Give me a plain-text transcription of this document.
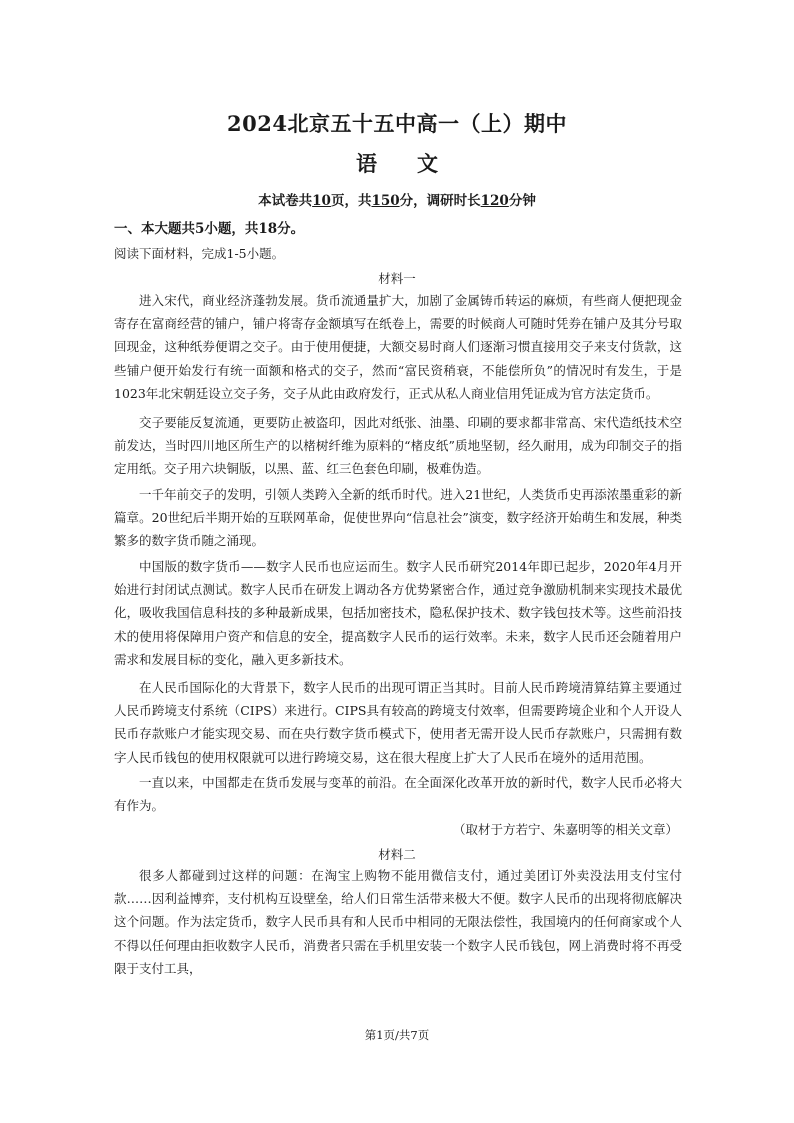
2024北京五十五中高一（上）期中
语 文
本试卷共10页，共150分，调研时长120分钟
一、本大题共5小题，共18分。
阅读下面材料，完成1-5小题。
材料一

进入宋代，商业经济蓬勃发展。货币流通量扩大，加剧了金属铸币转运的麻烦，有些商人便把现金寄存在富商经营的铺户，铺户将寄存金额填写在纸卷上，需要的时候商人可随时凭券在铺户及其分号取回现金，这种纸券便谓之交子。由于使用便捷，大额交易时商人们逐渐习惯直接用交子来支付货款，这些铺户便开始发行有统一面额和格式的交子，然而“富民资稍衰，不能偿所负”的情况时有发生，于是1023年北宋朝廷设立交子务，交子从此由政府发行，正式从私人商业信用凭证成为官方法定货币。

交子要能反复流通，更要防止被盗印，因此对纸张、油墨、印刷的要求都非常高、宋代造纸技术空前发达，当时四川地区所生产的以楮树纤维为原料的“楮皮纸”质地坚韧，经久耐用，成为印制交子的指定用纸。交子用六块铜版，以黑、蓝、红三色套色印刷，极难伪造。

一千年前交子的发明，引领人类跨入全新的纸币时代。进入21世纪，人类货币史再添浓墨重彩的新篇章。20世纪后半期开始的互联网革命，促使世界向“信息社会”演变，数字经济开始萌生和发展，种类繁多的数字货币随之涌现。

中国版的数字货币——数字人民币也应运而生。数字人民币研究2014年即已起步，2020年4月开始进行封闭试点测试。数字人民币在研发上调动各方优势紧密合作，通过竞争激励机制来实现技术最优化，吸收我国信息科技的多种最新成果，包括加密技术，隐私保护技术、数字钱包技术等。这些前沿技术的使用将保障用户资产和信息的安全，提高数字人民币的运行效率。未来，数字人民币还会随着用户需求和发展目标的变化，融入更多新技术。

在人民币国际化的大背景下，数字人民币的出现可谓正当其时。目前人民币跨境清算结算主要通过人民币跨境支付系统（CIPS）来进行。CIPS具有较高的跨境支付效率，但需要跨境企业和个人开设人民币存款账户才能实现交易、而在央行数字货币模式下，使用者无需开设人民币存款账户，只需拥有数字人民币钱包的使用权限就可以进行跨境交易，这在很大程度上扩大了人民币在境外的适用范围。

一直以来，中国都走在货币发展与变革的前沿。在全面深化改革开放的新时代，数字人民币必将大有作为。

（取材于方若宁、朱嘉明等的相关文章）
材料二

很多人都碰到过这样的问题：在淘宝上购物不能用微信支付，通过美团订外卖没法用支付宝付款……因利益博弈，支付机构互设壁垒，给人们日常生活带来极大不便。数字人民币的出现将彻底解决这个问题。作为法定货币，数字人民币具有和人民币中相同的无限法偿性，我国境内的任何商家或个人不得以任何理由拒收数字人民币，消费者只需在手机里安装一个数字人民币钱包，网上消费时将不再受限于支付工具，

第1页/共7页
